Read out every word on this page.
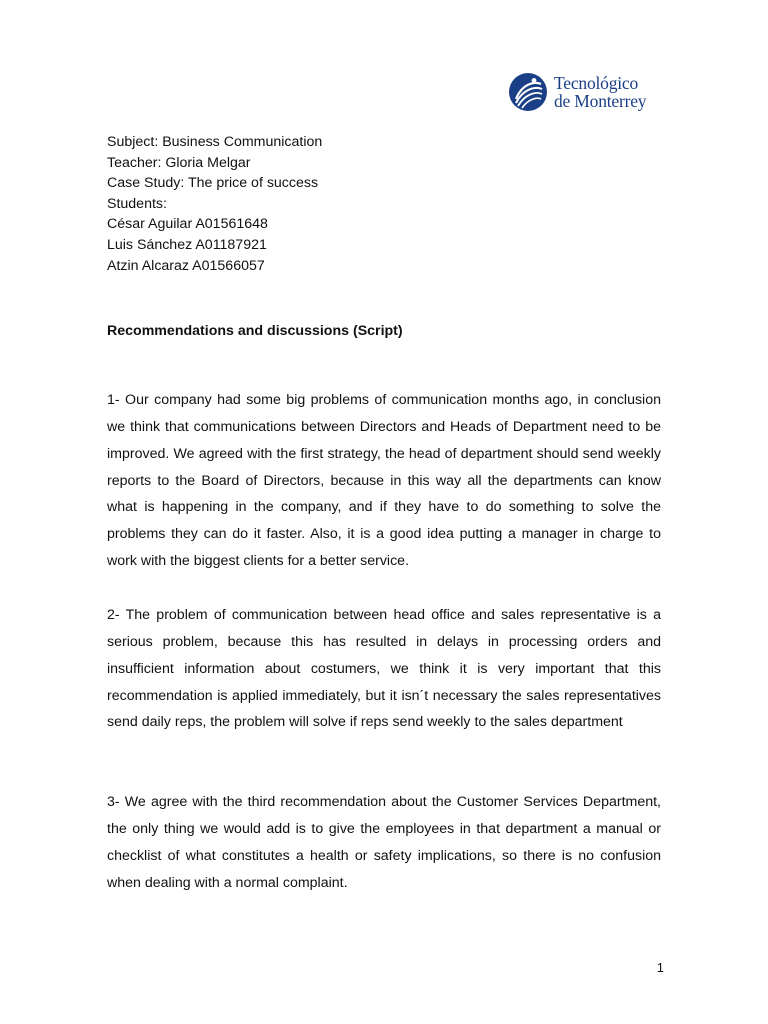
Tecnológico
de Monterrey
Subject: Business Communication
Teacher: Gloria Melgar
Case Study: The price of success
Students:
César Aguilar A01561648
Luis Sánchez A01187921
Atzin Alcaraz A01566057
Recommendations and discussions (Script)

1- Our company had some big problems of communication months ago, in conclusion we think that communications between Directors and Heads of Department need to be improved. We agreed with the first strategy, the head of department should send weekly reports to the Board of Directors, because in this way all the departments can know what is happening in the company, and if they have to do something to solve the problems they can do it faster. Also, it is a good idea putting a manager in charge to work with the biggest clients for a better service.

2- The problem of communication between head office and sales representative is a serious problem, because this has resulted in delays in processing orders and insufficient information about costumers, we think it is very important that this recommendation is applied immediately, but it isn´t necessary the sales representatives send daily reps, the problem will solve if reps send weekly to the sales department

3- We agree with the third recommendation about the Customer Services Department, the only thing we would add is to give the employees in that department a manual or checklist of what constitutes a health or safety implications, so there is no confusion when dealing with a normal complaint.

1
